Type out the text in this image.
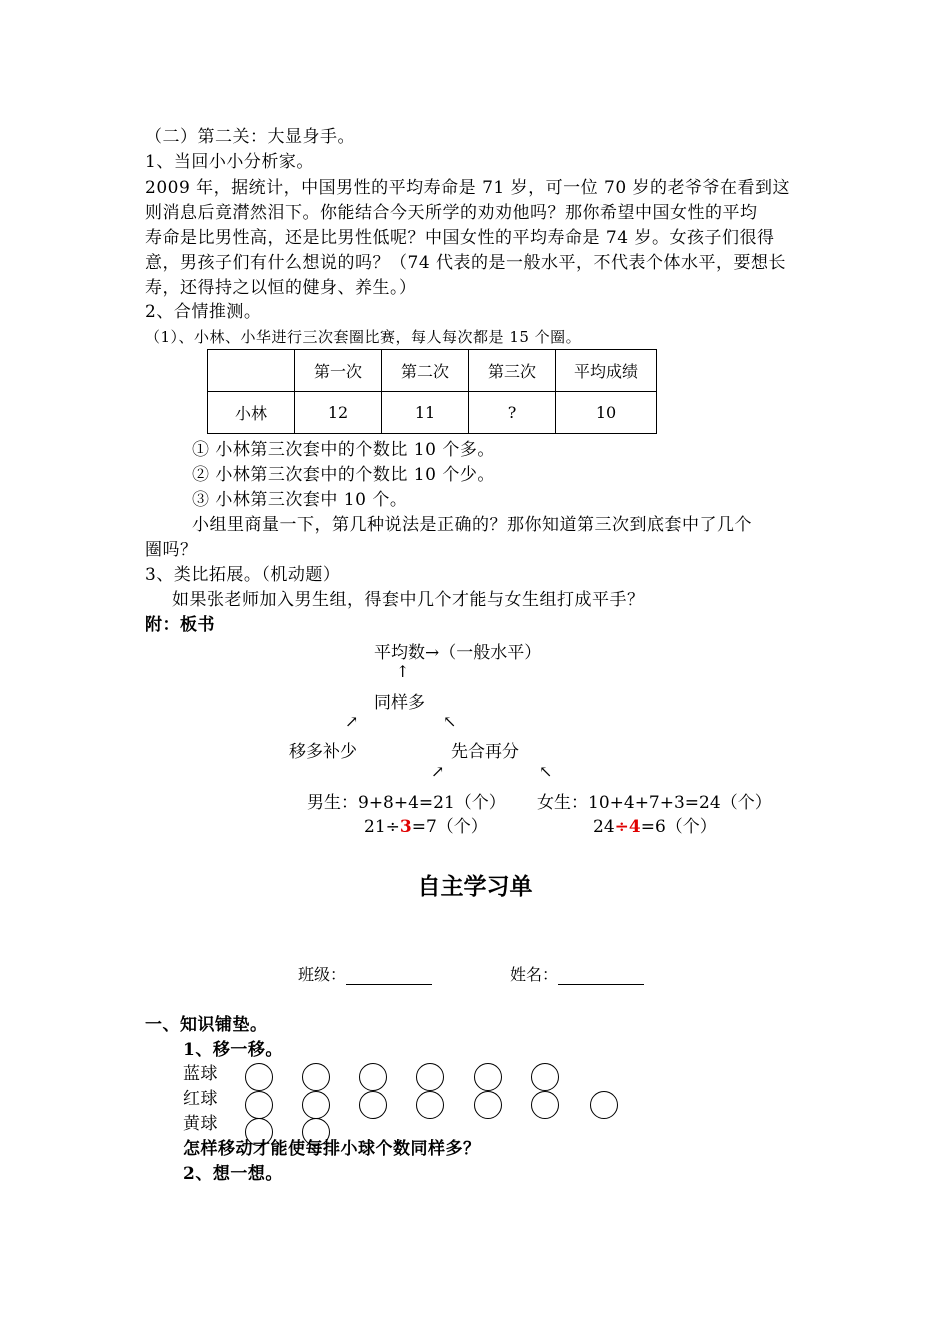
（二）第二关：大显身手。
1、当回小小分析家。
2009 年，据统计，中国男性的平均寿命是 71 岁，可一位 70 岁的老爷爷在看到这
则消息后竟潸然泪下。你能结合今天所学的劝劝他吗？那你希望中国女性的平均
寿命是比男性高，还是比男性低呢？中国女性的平均寿命是 74 岁。女孩子们很得
意，男孩子们有什么想说的吗？（74 代表的是一般水平，不代表个体水平，要想长
寿，还得持之以恒的健身、养生。）
2、合情推测。
（1）、小林、小华进行三次套圈比赛，每人每次都是 15 个圈。
	第一次	第二次	第三次	平均成绩
小林	12	11	?	10
① 小林第三次套中的个数比 10 个多。
② 小林第三次套中的个数比 10 个少。
③ 小林第三次套中 10 个。
小组里商量一下，第几种说法是正确的？那你知道第三次到底套中了几个
圈吗？
3、类比拓展。（机动题）
如果张老师加入男生组，得套中几个才能与女生组打成平手？
附：板书
平均数→（一般水平）
↑
同样多
↗	↖
移多补少	先合再分
↗	↖
男生：9+8+4=21（个） 女生：10+4+7+3=24（个）
21÷3=7（个）	24÷4=6（个）
自主学习单
班级：	姓名：
一、知识铺垫。
1、移一移。
蓝球
红球
黄球
怎样移动才能使每排小球个数同样多？
2、想一想。
